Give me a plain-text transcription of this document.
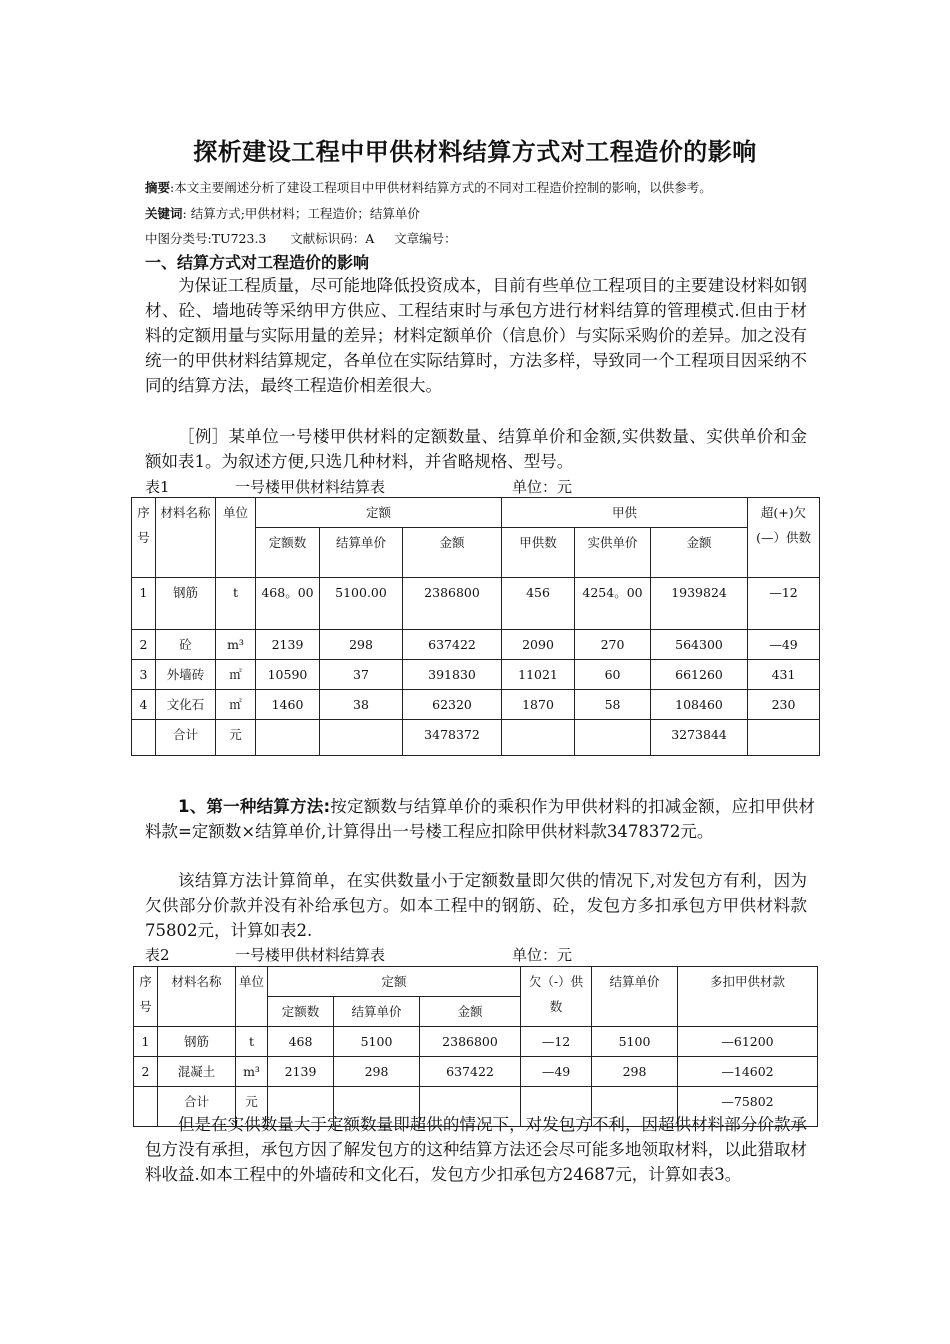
探析建设工程中甲供材料结算方式对工程造价的影响
摘要:本文主要阐述分析了建设工程项目中甲供材料结算方式的不同对工程造价控制的影响，以供参考。
关键词: 结算方式;甲供材料；工程造价；结算单价
中图分类号:TU723.3      文献标识码：A     文章编号：
一、结算方式对工程造价的影响
为保证工程质量，尽可能地降低投资成本，目前有些单位工程项目的主要建设材料如钢材、砼、墙地砖等采纳甲方供应、工程结束时与承包方进行材料结算的管理模式.但由于材料的定额用量与实际用量的差异；材料定额单价（信息价）与实际采购价的差异。加之没有统一的甲供材料结算规定，各单位在实际结算时，方法多样，导致同一个工程项目因采纳不同的结算方法，最终工程造价相差很大。
［例］某单位一号楼甲供材料的定额数量、结算单价和金额,实供数量、实供单价和金额如表1。为叙述方便,只选几种材料，并省略规格、型号。
表1	一号楼甲供材料结算表	单位：元
序号	材料名称	单位	定额			甲供			超(+)欠(—）供数
			定额数	结算单价	金额	甲供数	实供单价	金额	
1	钢筋	t	468。00	5100.00	2386800	456	4254。00	1939824	—12
2	砼	m³	2139	298	637422	2090	270	564300	—49
3	外墙砖	㎡	10590	37	391830	11021	60	661260	431
4	文化石	㎡	1460	38	62320	1870	58	108460	230
	合计	元			3478372			3273844	
1、第一种结算方法:按定额数与结算单价的乘积作为甲供材料的扣减金额，应扣甲供材料款=定额数×结算单价,计算得出一号楼工程应扣除甲供材料款3478372元。
该结算方法计算简单，在实供数量小于定额数量即欠供的情况下,对发包方有利，因为欠供部分价款并没有补给承包方。如本工程中的钢筋、砼，发包方多扣承包方甲供材料款75802元，计算如表2.
表2	一号楼甲供材料结算表	单位：元
序号	材料名称	单位	定额			欠（-）供数	结算单价	多扣甲供材款
			定额数	结算单价	金额			
1	钢筋	t	468	5100	2386800	—12	5100	—61200
2	混凝土	m³	2139	298	637422	—49	298	—14602
	合计	元						—75802
但是在实供数量大于定额数量即超供的情况下，对发包方不利，因超供材料部分价款承包方没有承担，承包方因了解发包方的这种结算方法还会尽可能多地领取材料，以此猎取材料收益.如本工程中的外墙砖和文化石，发包方少扣承包方24687元，计算如表3。
